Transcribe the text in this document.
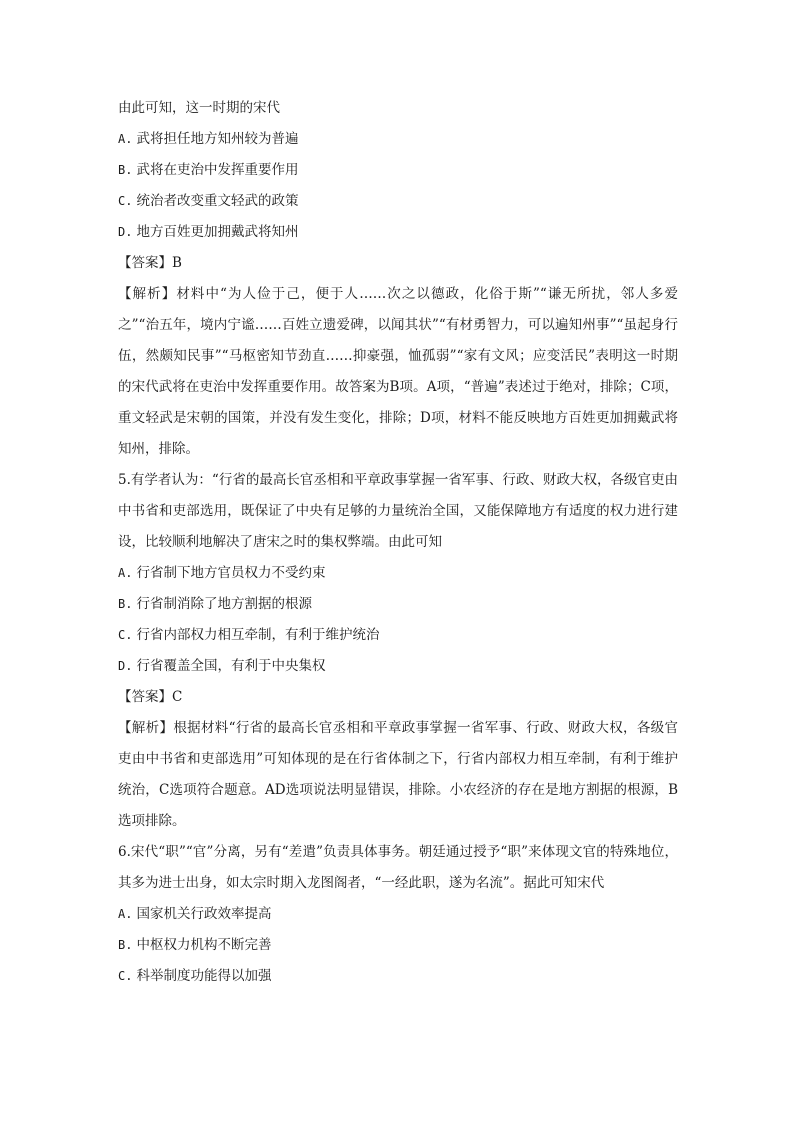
由此可知，这一时期的宋代
A. 武将担任地方知州较为普遍
B. 武将在吏治中发挥重要作用
C. 统治者改变重文轻武的政策
D. 地方百姓更加拥戴武将知州
【答案】B
【解析】材料中“为人俭于己，便于人……次之以德政，化俗于斯”“谦无所扰，邻人多爱之”“治五年，境内宁谧……百姓立遗爱碑，以闻其状”“有材勇智力，可以遍知州事”“虽起身行伍，然颇知民事”“马枢密知节劲直……抑豪强，恤孤弱”“家有文风；应变活民”表明这一时期的宋代武将在吏治中发挥重要作用。故答案为B项。A项，“普遍”表述过于绝对，排除；C项，重文轻武是宋朝的国策，并没有发生变化，排除；D项，材料不能反映地方百姓更加拥戴武将知州，排除。
5.有学者认为：“行省的最高长官丞相和平章政事掌握一省军事、行政、财政大权，各级官吏由中书省和吏部选用，既保证了中央有足够的力量统治全国，又能保障地方有适度的权力进行建设，比较顺利地解决了唐宋之时的集权弊端。由此可知
A. 行省制下地方官员权力不受约束
B. 行省制消除了地方割据的根源
C. 行省内部权力相互牵制，有利于维护统治
D. 行省覆盖全国，有利于中央集权
【答案】C
【解析】根据材料“行省的最高长官丞相和平章政事掌握一省军事、行政、财政大权，各级官吏由中书省和吏部选用”可知体现的是在行省体制之下，行省内部权力相互牵制，有利于维护统治，C选项符合题意。AD选项说法明显错误，排除。小农经济的存在是地方割据的根源，B选项排除。
6.宋代“职”“官”分离，另有“差遣”负责具体事务。朝廷通过授予“职”来体现文官的特殊地位，其多为进士出身，如太宗时期入龙图阁者，“一经此职，遂为名流”。据此可知宋代
A. 国家机关行政效率提高
B. 中枢权力机构不断完善
C. 科举制度功能得以加强
